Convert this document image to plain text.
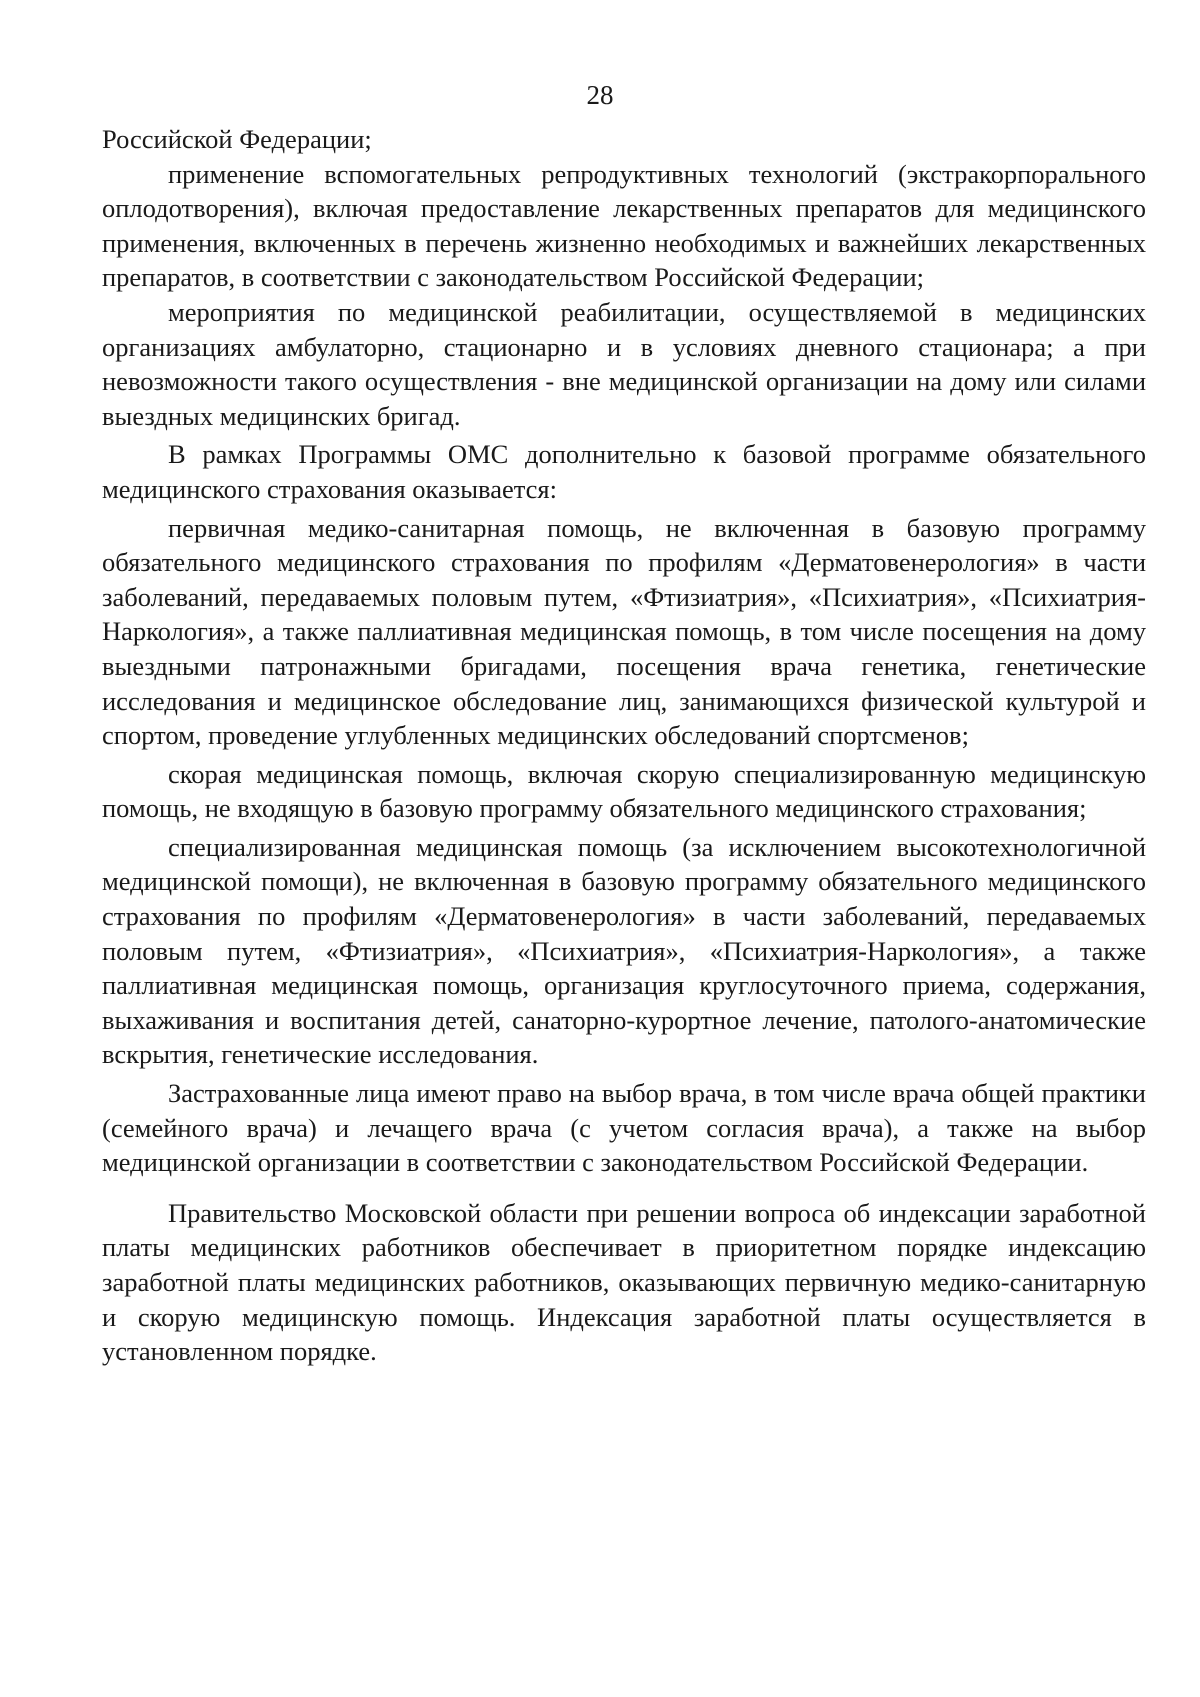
28

Российской Федерации;

применение вспомогательных репродуктивных технологий (экстракорпорального оплодотворения), включая предоставление лекарственных препаратов для медицинского применения, включенных в перечень жизненно необходимых и важнейших лекарственных препаратов, в соответствии с законодательством Российской Федерации;

мероприятия по медицинской реабилитации, осуществляемой в медицинских организациях амбулаторно, стационарно и в условиях дневного стационара; а при невозможности такого осуществления - вне медицинской организации на дому или силами выездных медицинских бригад.

В рамках Программы ОМС дополнительно к базовой программе обязательного медицинского страхования оказывается:

первичная медико-санитарная помощь, не включенная в базовую программу обязательного медицинского страхования по профилям «Дерматовенерология» в части заболеваний, передаваемых половым путем, «Фтизиатрия», «Психиатрия», «Психиатрия-Наркология», а также паллиативная медицинская помощь, в том числе посещения на дому выездными патронажными бригадами, посещения врача генетика, генетические исследования и медицинское обследование лиц, занимающихся физической культурой и спортом, проведение углубленных медицинских обследований спортсменов;

скорая медицинская помощь, включая скорую специализированную медицинскую помощь, не входящую в базовую программу обязательного медицинского страхования;

специализированная медицинская помощь (за исключением высокотехнологичной медицинской помощи), не включенная в базовую программу обязательного медицинского страхования по профилям «Дерматовенерология» в части заболеваний, передаваемых половым путем, «Фтизиатрия», «Психиатрия», «Психиатрия-Наркология», а также паллиативная медицинская помощь, организация круглосуточного приема, содержания, выхаживания и воспитания детей, санаторно-курортное лечение, патолого-анатомические вскрытия, генетические исследования.

Застрахованные лица имеют право на выбор врача, в том числе врача общей практики (семейного врача) и лечащего врача (с учетом согласия врача), а также на выбор медицинской организации в соответствии с законодательством Российской Федерации.

Правительство Московской области при решении вопроса об индексации заработной платы медицинских работников обеспечивает в приоритетном порядке индексацию заработной платы медицинских работников, оказывающих первичную медико-санитарную и скорую медицинскую помощь. Индексация заработной платы осуществляется в установленном порядке.
